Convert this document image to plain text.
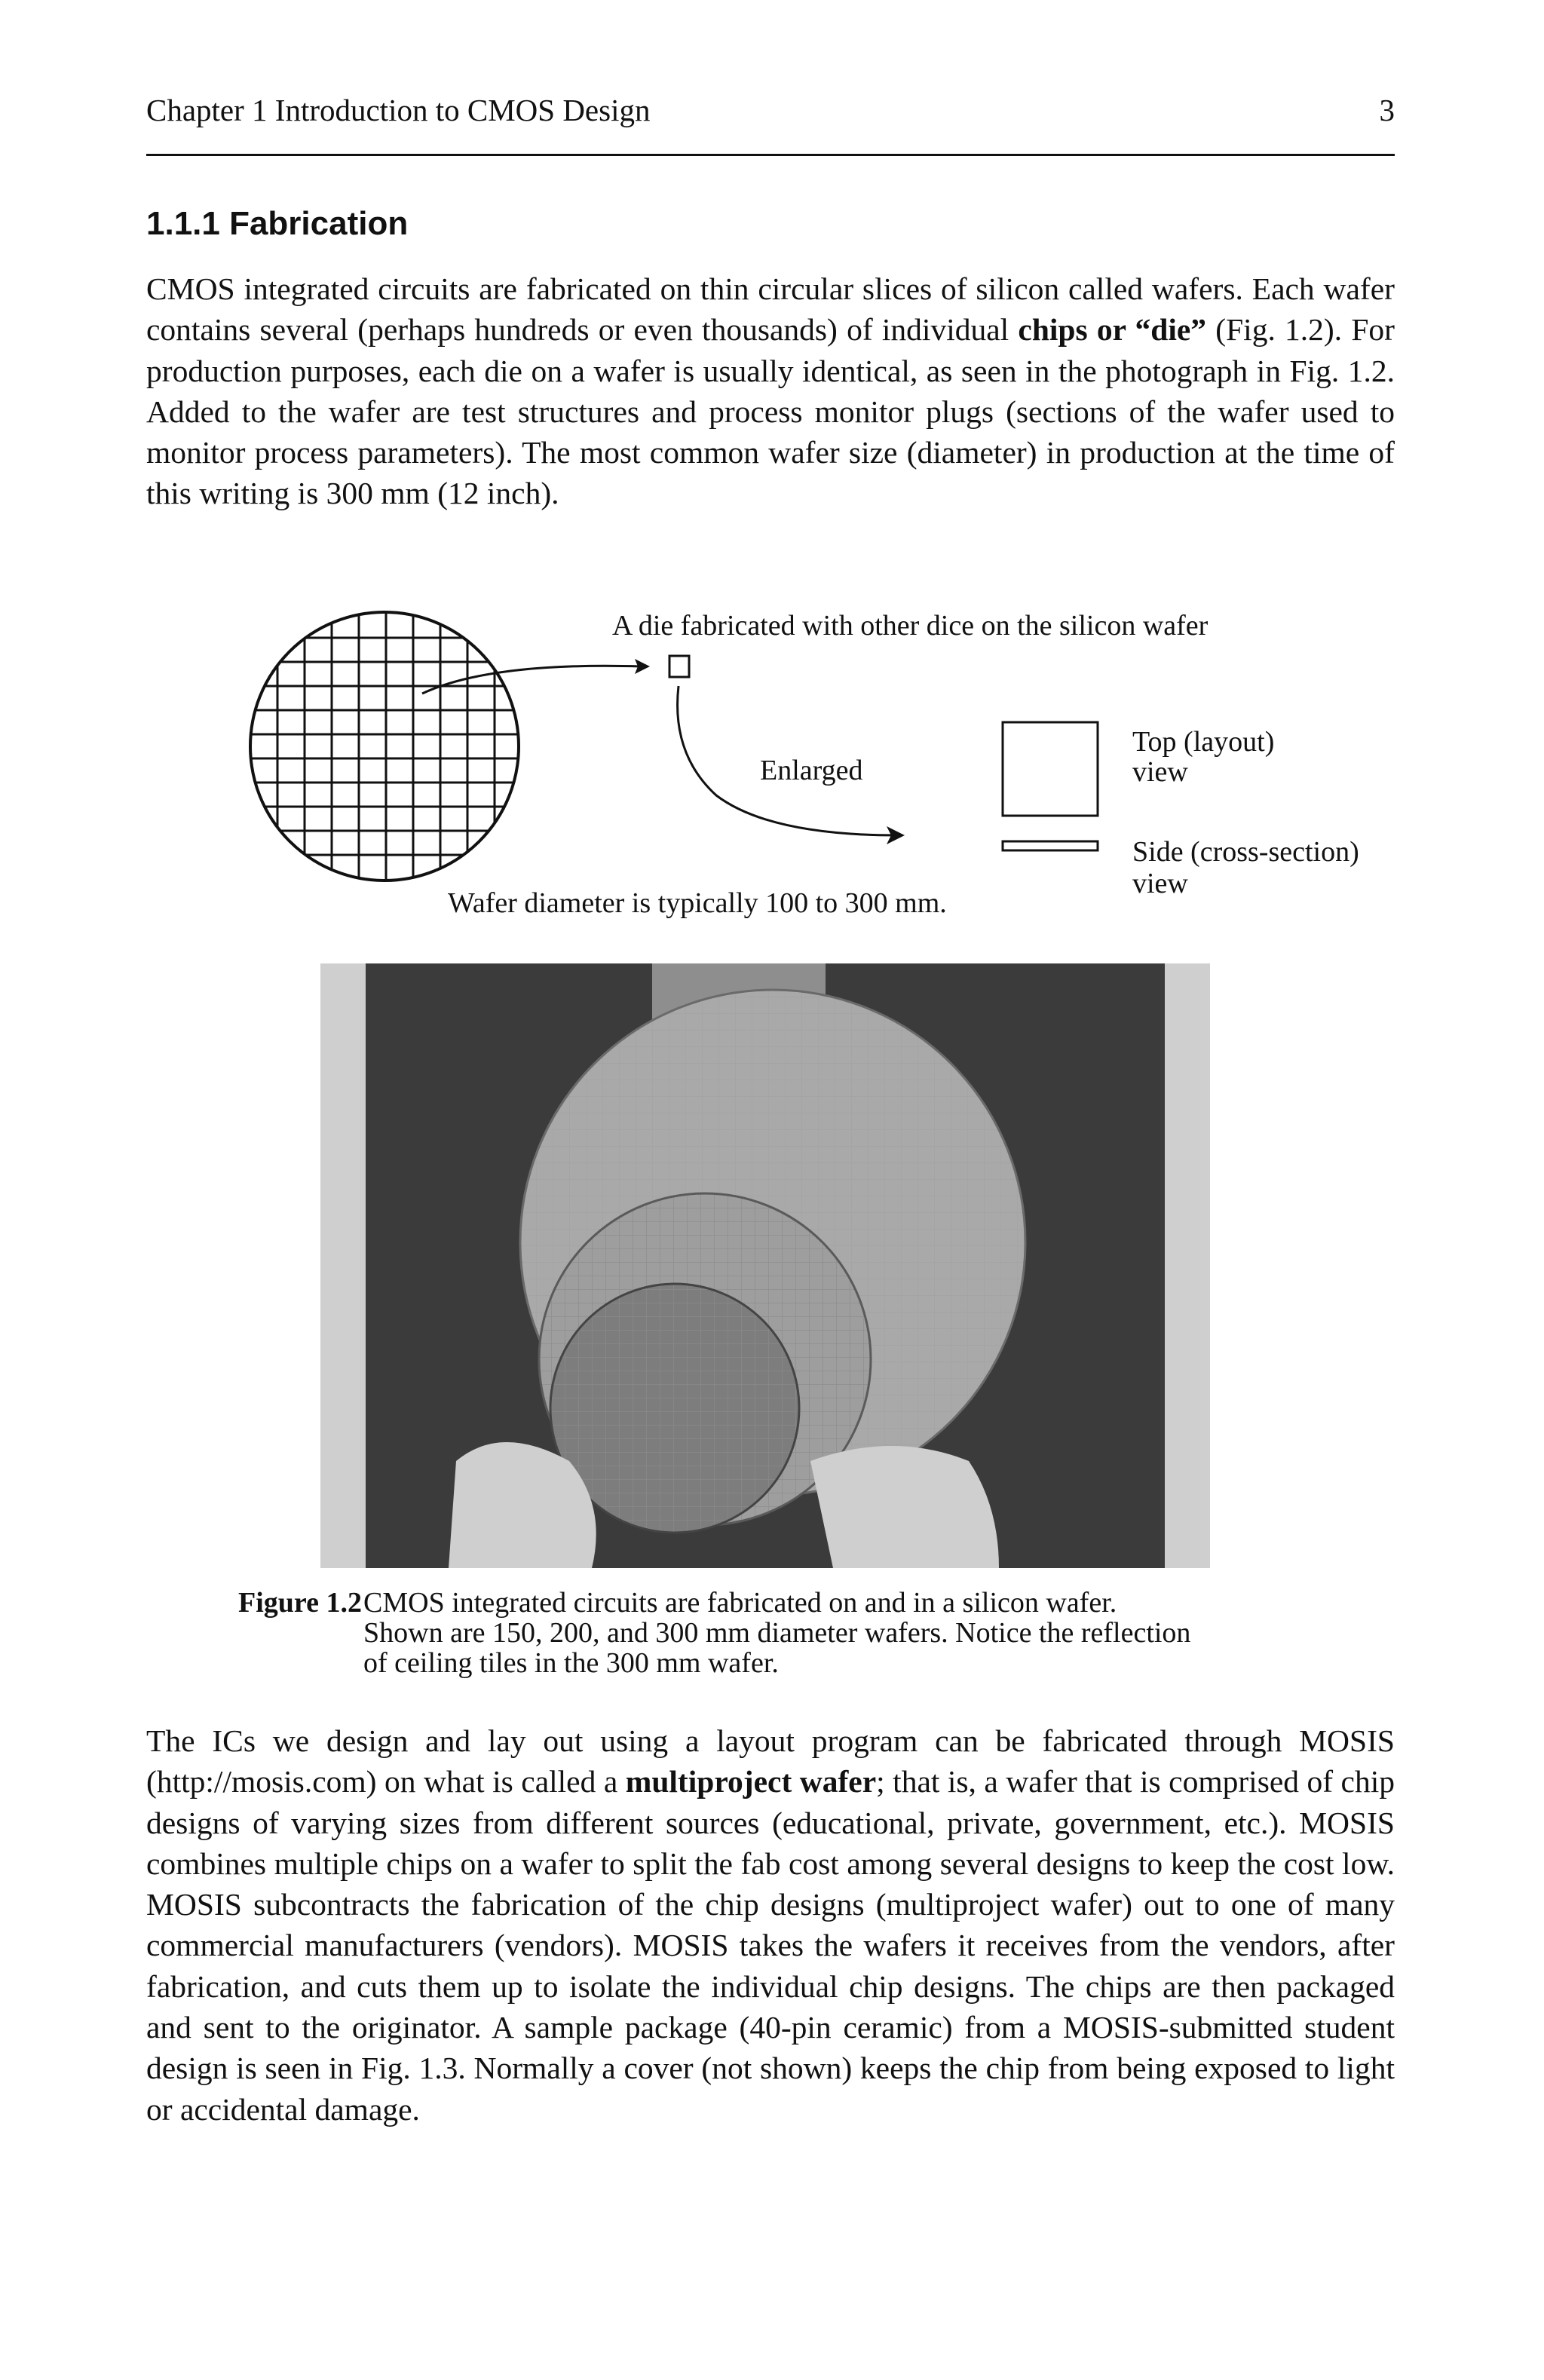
Chapter 1 Introduction to CMOS Design	3
1.1.1 Fabrication
CMOS integrated circuits are fabricated on thin circular slices of silicon called wafers. Each wafer contains several (perhaps hundreds or even thousands) of individual chips or “die” (Fig. 1.2). For production purposes, each die on a wafer is usually identical, as seen in the photograph in Fig. 1.2. Added to the wafer are test structures and process monitor plugs (sections of the wafer used to monitor process parameters). The most common wafer size (diameter) in production at the time of this writing is 300 mm (12 inch).
A die fabricated with other dice on the silicon wafer
Enlarged
Top (layout)
view
Side (cross-section)
view
Wafer diameter is typically 100 to 300 mm.
Figure 1.2 CMOS integrated circuits are fabricated on and in a silicon wafer.
Shown are 150, 200, and 300 mm diameter wafers. Notice the reflection
of ceiling tiles in the 300 mm wafer.
The ICs we design and lay out using a layout program can be fabricated through MOSIS (http://mosis.com) on what is called a multiproject wafer; that is, a wafer that is comprised of chip designs of varying sizes from different sources (educational, private, government, etc.). MOSIS combines multiple chips on a wafer to split the fab cost among several designs to keep the cost low. MOSIS subcontracts the fabrication of the chip designs (multiproject wafer) out to one of many commercial manufacturers (vendors). MOSIS takes the wafers it receives from the vendors, after fabrication, and cuts them up to isolate the individual chip designs. The chips are then packaged and sent to the originator. A sample package (40-pin ceramic) from a MOSIS-submitted student design is seen in Fig. 1.3. Normally a cover (not shown) keeps the chip from being exposed to light or accidental damage.
